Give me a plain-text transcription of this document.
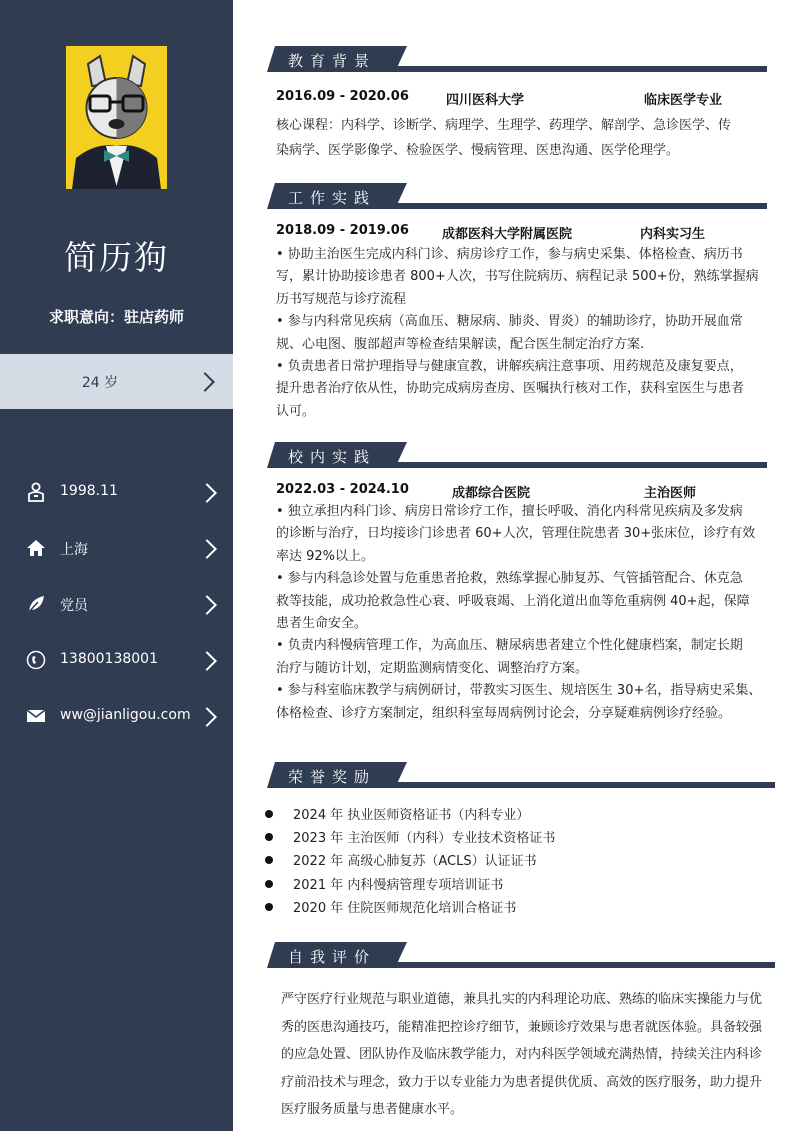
简历狗
求职意向：驻店药师
24 岁
1998.11
上海
党员
13800138001
ww@jianligou.com
教育背景
2016.09 - 2020.06	四川医科大学	临床医学专业

核心课程：内科学、诊断学、病理学、生理学、药理学、解剖学、急诊医学、传

染病学、医学影像学、检验医学、慢病管理、医患沟通、医学伦理学。

工作实践
2018.09 - 2019.06	成都医科大学附属医院	内科实习生

• 协助主治医生完成内科门诊、病房诊疗工作，参与病史采集、体格检查、病历书

写，累计协助接诊患者 800+人次，书写住院病历、病程记录 500+份，熟练掌握病

历书写规范与诊疗流程

• 参与内科常见疾病（高血压、糖尿病、肺炎、胃炎）的辅助诊疗，协助开展血常

规、心电图、腹部超声等检查结果解读，配合医生制定治疗方案.

• 负责患者日常护理指导与健康宣教，讲解疾病注意事项、用药规范及康复要点，

提升患者治疗依从性，协助完成病房查房、医嘱执行核对工作，获科室医生与患者

认可。

校内实践
2022.03 - 2024.10	成都综合医院	主治医师

• 独立承担内科门诊、病房日常诊疗工作，擅长呼吸、消化内科常见疾病及多发病

的诊断与治疗，日均接诊门诊患者 60+人次，管理住院患者 30+张床位，诊疗有效

率达 92%以上。

• 参与内科急诊处置与危重患者抢救，熟练掌握心肺复苏、气管插管配合、休克急

救等技能，成功抢救急性心衰、呼吸衰竭、上消化道出血等危重病例 40+起，保障

患者生命安全。

• 负责内科慢病管理工作，为高血压、糖尿病患者建立个性化健康档案，制定长期

治疗与随访计划，定期监测病情变化、调整治疗方案。

• 参与科室临床教学与病例研讨，带教实习医生、规培医生 30+名，指导病史采集、

体格检查、诊疗方案制定，组织科室每周病例讨论会，分享疑难病例诊疗经验。

荣誉奖励
2024 年 执业医师资格证书（内科专业）
2023 年 主治医师（内科）专业技术资格证书
2022 年 高级心肺复苏（ACLS）认证证书
2021 年 内科慢病管理专项培训证书
2020 年 住院医师规范化培训合格证书
自我评价
严守医疗行业规范与职业道德，兼具扎实的内科理论功底、熟练的临床实操能力与优
秀的医患沟通技巧，能精准把控诊疗细节，兼顾诊疗效果与患者就医体验。具备较强
的应急处置、团队协作及临床教学能力，对内科医学领域充满热情，持续关注内科诊
疗前沿技术与理念，致力于以专业能力为患者提供优质、高效的医疗服务，助力提升
医疗服务质量与患者健康水平。
